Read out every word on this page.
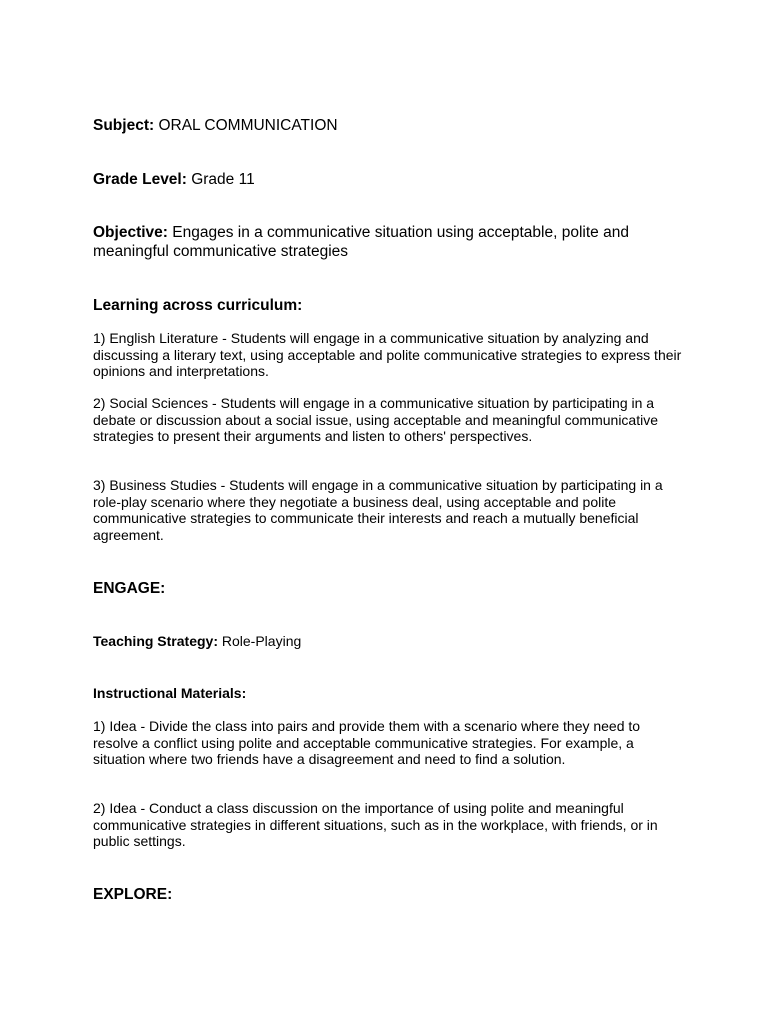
Subject: ORAL COMMUNICATION
Grade Level: Grade 11
Objective: Engages in a communicative situation using acceptable, polite and meaningful communicative strategies
Learning across curriculum:
1) English Literature - Students will engage in a communicative situation by analyzing and discussing a literary text, using acceptable and polite communicative strategies to express their opinions and interpretations.
2) Social Sciences - Students will engage in a communicative situation by participating in a debate or discussion about a social issue, using acceptable and meaningful communicative strategies to present their arguments and listen to others' perspectives.
3) Business Studies - Students will engage in a communicative situation by participating in a role-play scenario where they negotiate a business deal, using acceptable and polite communicative strategies to communicate their interests and reach a mutually beneficial agreement.
ENGAGE:
Teaching Strategy: Role-Playing
Instructional Materials:
1) Idea - Divide the class into pairs and provide them with a scenario where they need to resolve a conflict using polite and acceptable communicative strategies. For example, a situation where two friends have a disagreement and need to find a solution.
2) Idea - Conduct a class discussion on the importance of using polite and meaningful communicative strategies in different situations, such as in the workplace, with friends, or in public settings.
EXPLORE:
